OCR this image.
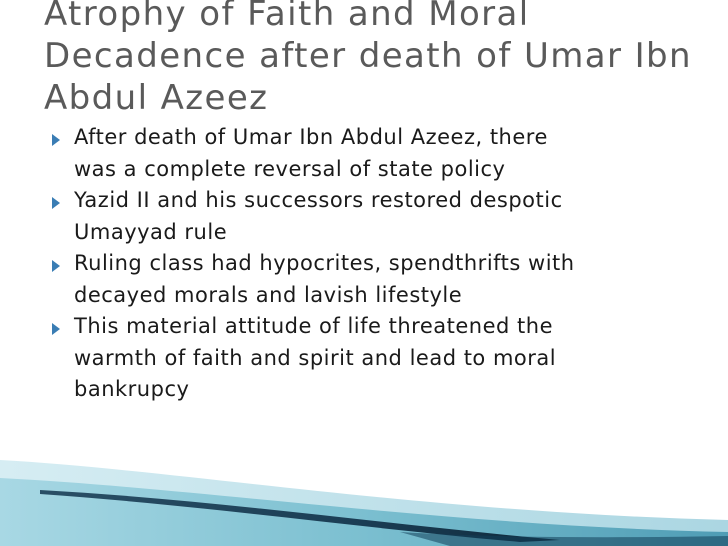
Atrophy of Faith and Moral
Decadence after death of Umar Ibn
Abdul Azeez
After death of Umar Ibn Abdul Azeez, there
was a complete reversal of state policy
Yazid II and his successors restored despotic
Umayyad rule
Ruling class had hypocrites, spendthrifts with
decayed morals and lavish lifestyle
This material attitude of life threatened the
warmth of faith and spirit and lead to moral
bankrupcy
